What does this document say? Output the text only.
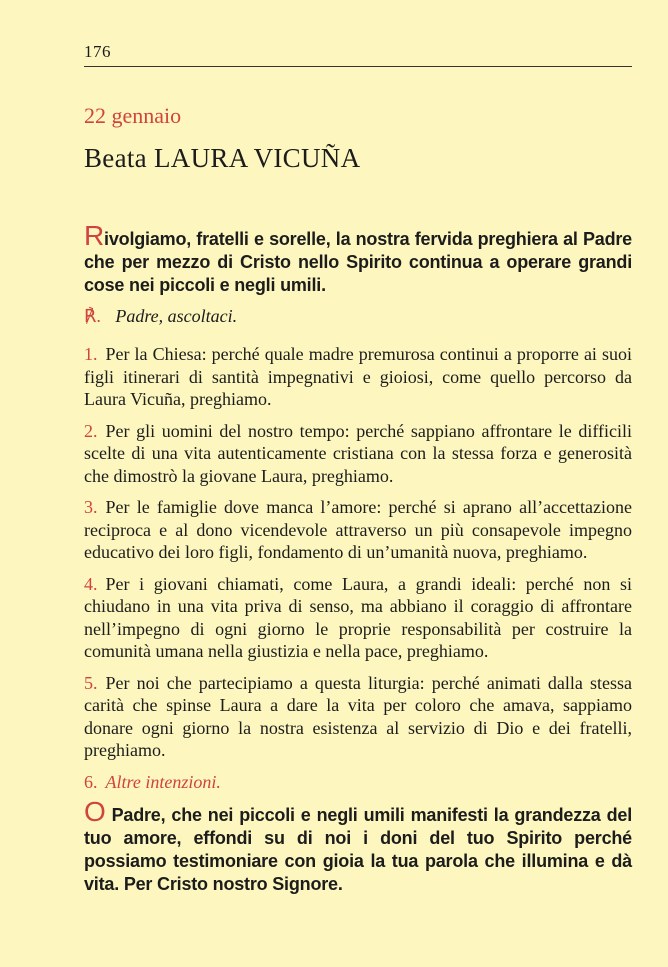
176
22 gennaio
Beata LAURA VICUÑA
Rivolgiamo, fratelli e sorelle, la nostra fervida preghiera al Padre che per mezzo di Cristo nello Spirito continua a operare grandi cose nei piccoli e negli umili.
℟. Padre, ascoltaci.

1. Per la Chiesa: perché quale madre premurosa continui a proporre ai suoi figli itinerari di santità impegnativi e gioiosi, come quello percorso da Laura Vicuña, preghiamo.

2. Per gli uomini del nostro tempo: perché sappiano affrontare le difficili scelte di una vita autenticamente cristiana con la stessa forza e generosità che dimostrò la giovane Laura, preghiamo.

3. Per le famiglie dove manca l’amore: perché si aprano all’accettazione reciproca e al dono vicendevole attraverso un più consapevole impegno educativo dei loro figli, fondamento di un’umanità nuova, preghiamo.

4. Per i giovani chiamati, come Laura, a grandi ideali: perché non si chiudano in una vita priva di senso, ma abbiano il coraggio di affrontare nell’impegno di ogni giorno le proprie responsabilità per costruire la comunità umana nella giustizia e nella pace, preghiamo.

5. Per noi che partecipiamo a questa liturgia: perché animati dalla stessa carità che spinse Laura a dare la vita per coloro che amava, sappiamo donare ogni giorno la nostra esistenza al servizio di Dio e dei fratelli, preghiamo.

6. Altre intenzioni.

O Padre, che nei piccoli e negli umili manifesti la grandezza del tuo amore, effondi su di noi i doni del tuo Spirito perché possiamo testimoniare con gioia la tua parola che illumina e dà vita. Per Cristo nostro Signore.
